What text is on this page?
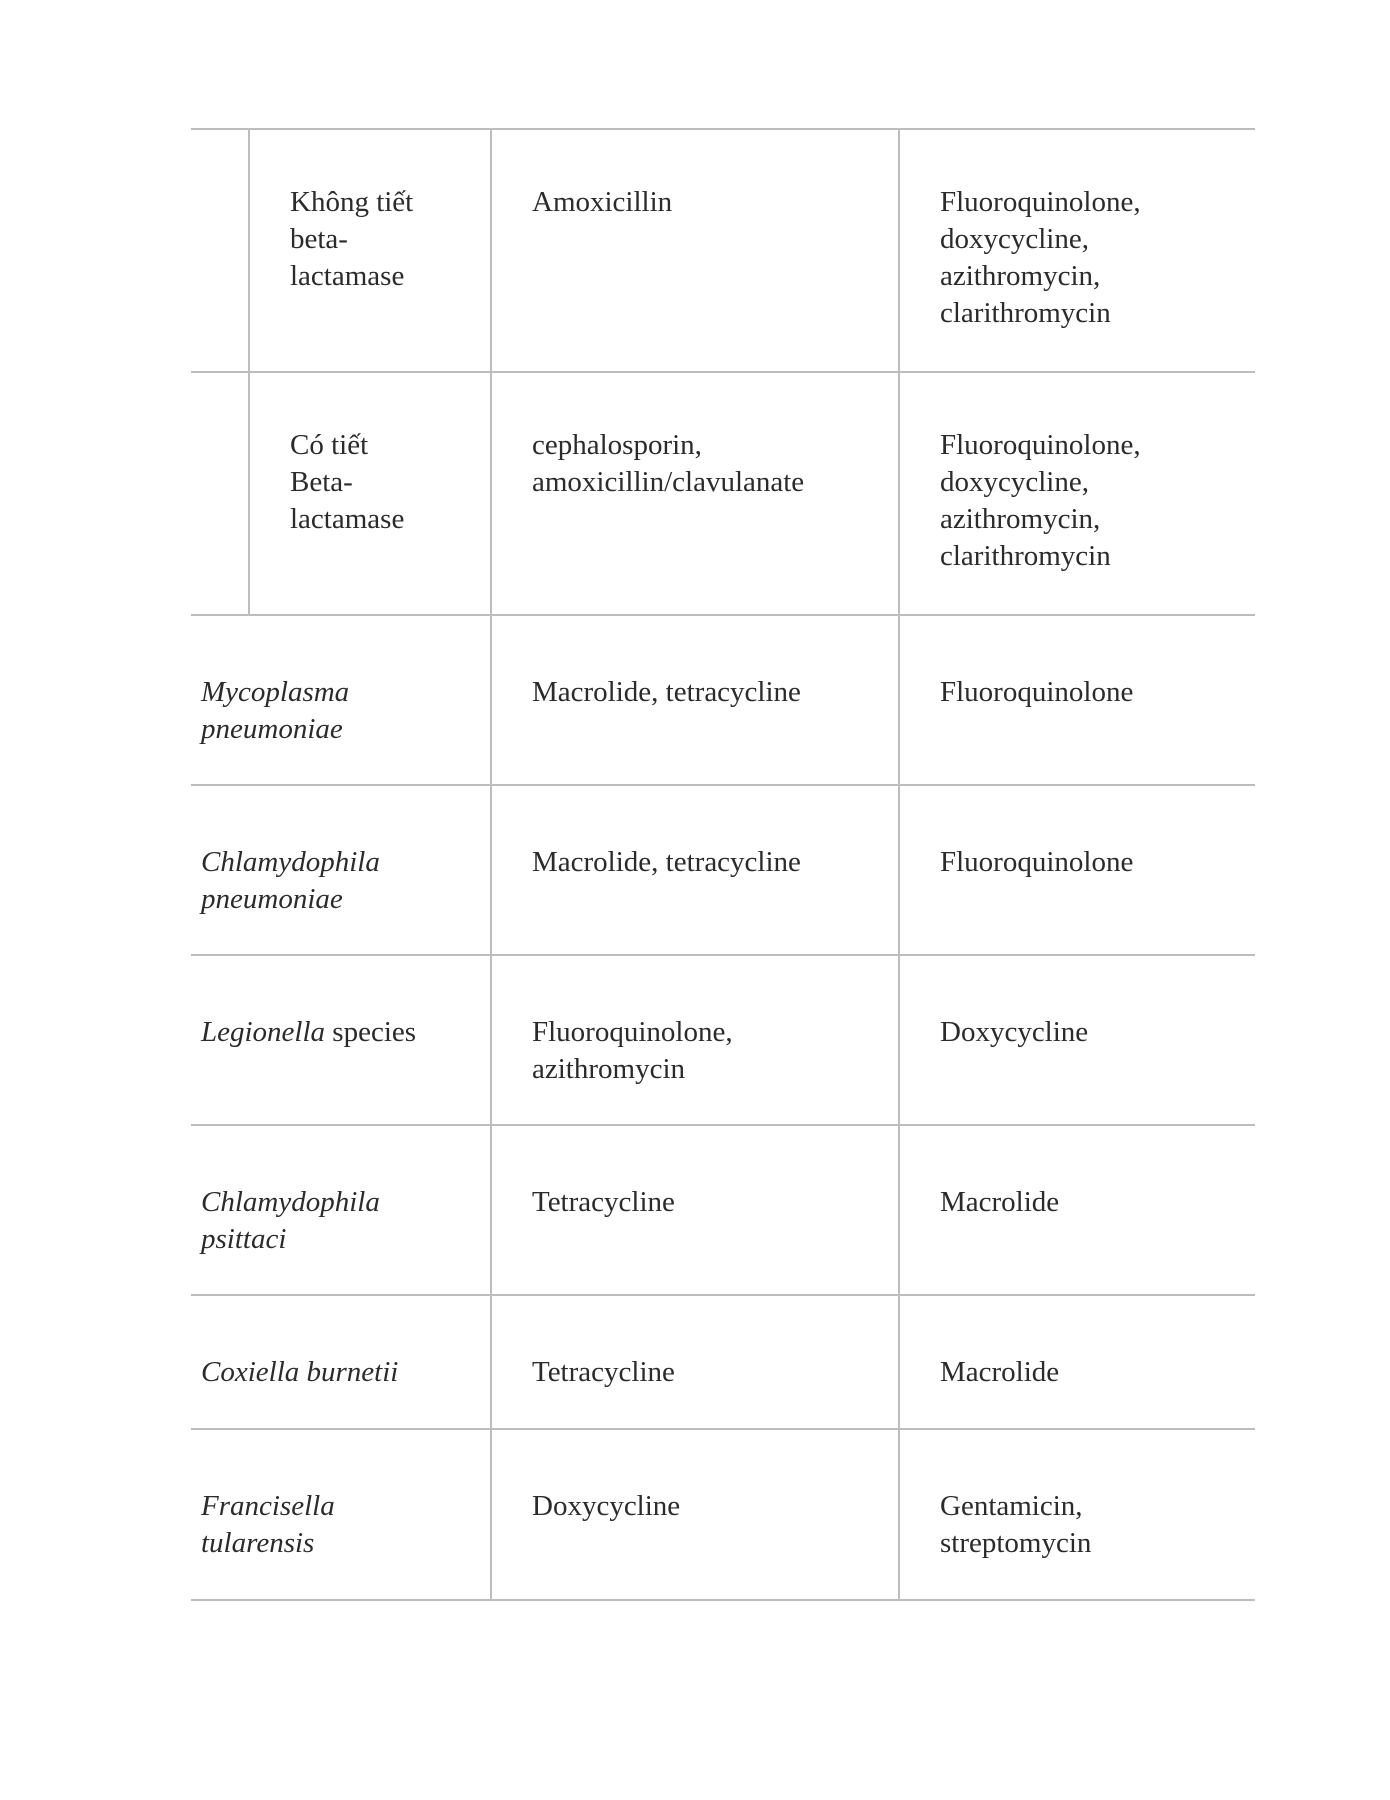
	Không tiết
beta-
lactamase	Amoxicillin	Fluoroquinolone,
doxycycline,
azithromycin,
clarithromycin

	Có tiết
Beta-
lactamase	cephalosporin,
amoxicillin/clavulanate	Fluoroquinolone,
doxycycline,
azithromycin,
clarithromycin

Mycoplasma
pneumoniae		Macrolide, tetracycline	Fluoroquinolone

Chlamydophila
pneumoniae		Macrolide, tetracycline	Fluoroquinolone

Legionella species		Fluoroquinolone,
azithromycin	Doxycycline

Chlamydophila
psittaci		Tetracycline	Macrolide

Coxiella burnetii		Tetracycline	Macrolide

Francisella
tularensis		Doxycycline	Gentamicin,
streptomycin
